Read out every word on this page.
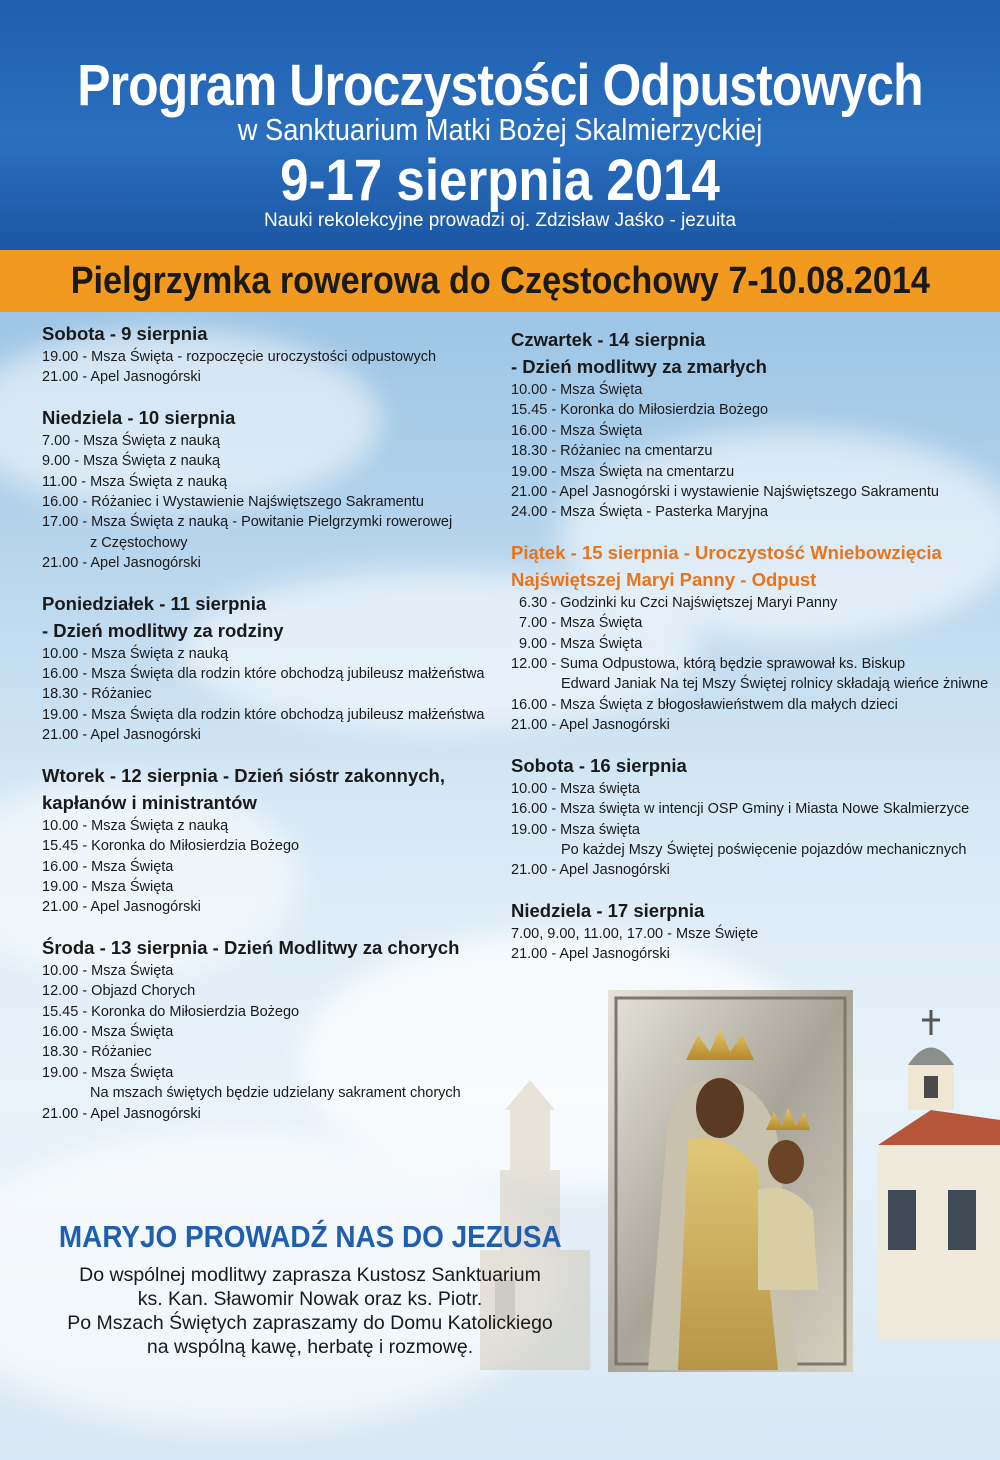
Program Uroczystości Odpustowych
w Sanktuarium Matki Bożej Skalmierzyckiej
9-17 sierpnia 2014
Nauki rekolekcyjne prowadzi oj. Zdzisław Jaśko - jezuita
Pielgrzymka rowerowa do Częstochowy 7-10.08.2014
Sobota - 9 sierpnia
19.00 - Msza Święta - rozpoczęcie uroczystości odpustowych
21.00 - Apel Jasnogórski
Niedziela - 10 sierpnia
7.00 - Msza Święta z nauką
9.00 - Msza Święta z nauką
11.00 - Msza Święta z nauką
16.00 - Różaniec i Wystawienie Najświętszego Sakramentu
17.00 - Msza Święta z nauką - Powitanie Pielgrzymki rowerowej
z Częstochowy
21.00 - Apel Jasnogórski
Poniedziałek - 11 sierpnia
- Dzień modlitwy za rodziny
10.00 - Msza Święta z nauką
16.00 - Msza Święta dla rodzin które obchodzą jubileusz małżeństwa
18.30 - Różaniec
19.00 - Msza Święta dla rodzin które obchodzą jubileusz małżeństwa
21.00 - Apel Jasnogórski
Wtorek - 12 sierpnia - Dzień sióstr zakonnych,
kapłanów i ministrantów
10.00 - Msza Święta z nauką
15.45 - Koronka do Miłosierdzia Bożego
16.00 - Msza Święta
19.00 - Msza Święta
21.00 - Apel Jasnogórski
Środa - 13 sierpnia - Dzień Modlitwy za chorych
10.00 - Msza Święta
12.00 - Objazd Chorych
15.45 - Koronka do Miłosierdzia Bożego
16.00 - Msza Święta
18.30 - Różaniec
19.00 - Msza Święta
Na mszach świętych będzie udzielany sakrament chorych
21.00 - Apel Jasnogórski
Czwartek - 14 sierpnia
- Dzień modlitwy za zmarłych
10.00 - Msza Święta
15.45 - Koronka do Miłosierdzia Bożego
16.00 - Msza Święta
18.30 - Różaniec na cmentarzu
19.00 - Msza Święta na cmentarzu
21.00 - Apel Jasnogórski i wystawienie Najświętszego Sakramentu
24.00 - Msza Święta - Pasterka Maryjna
Piątek - 15 sierpnia - Uroczystość Wniebowzięcia
Najświętszej Maryi Panny - Odpust
6.30 - Godzinki ku Czci Najświętszej Maryi Panny
7.00 - Msza Święta
9.00 - Msza Święta
12.00 - Suma Odpustowa, którą będzie sprawował ks. Biskup
Edward Janiak Na tej Mszy Świętej rolnicy składają wieńce żniwne
16.00 - Msza Święta z błogosławieństwem dla małych dzieci
21.00 - Apel Jasnogórski
Sobota - 16 sierpnia
10.00 - Msza święta
16.00 - Msza święta w intencji OSP Gminy i Miasta Nowe Skalmierzyce
19.00 - Msza święta
Po każdej Mszy Świętej poświęcenie pojazdów mechanicznych
21.00 - Apel Jasnogórski
Niedziela - 17 sierpnia
7.00, 9.00, 11.00, 17.00 - Msze Święte
21.00 - Apel Jasnogórski
MARYJO PROWADŹ NAS DO JEZUSA
Do wspólnej modlitwy zaprasza Kustosz Sanktuarium
ks. Kan. Sławomir Nowak oraz ks. Piotr.
Po Mszach Świętych zapraszamy do Domu Katolickiego
na wspólną kawę, herbatę i rozmowę.
